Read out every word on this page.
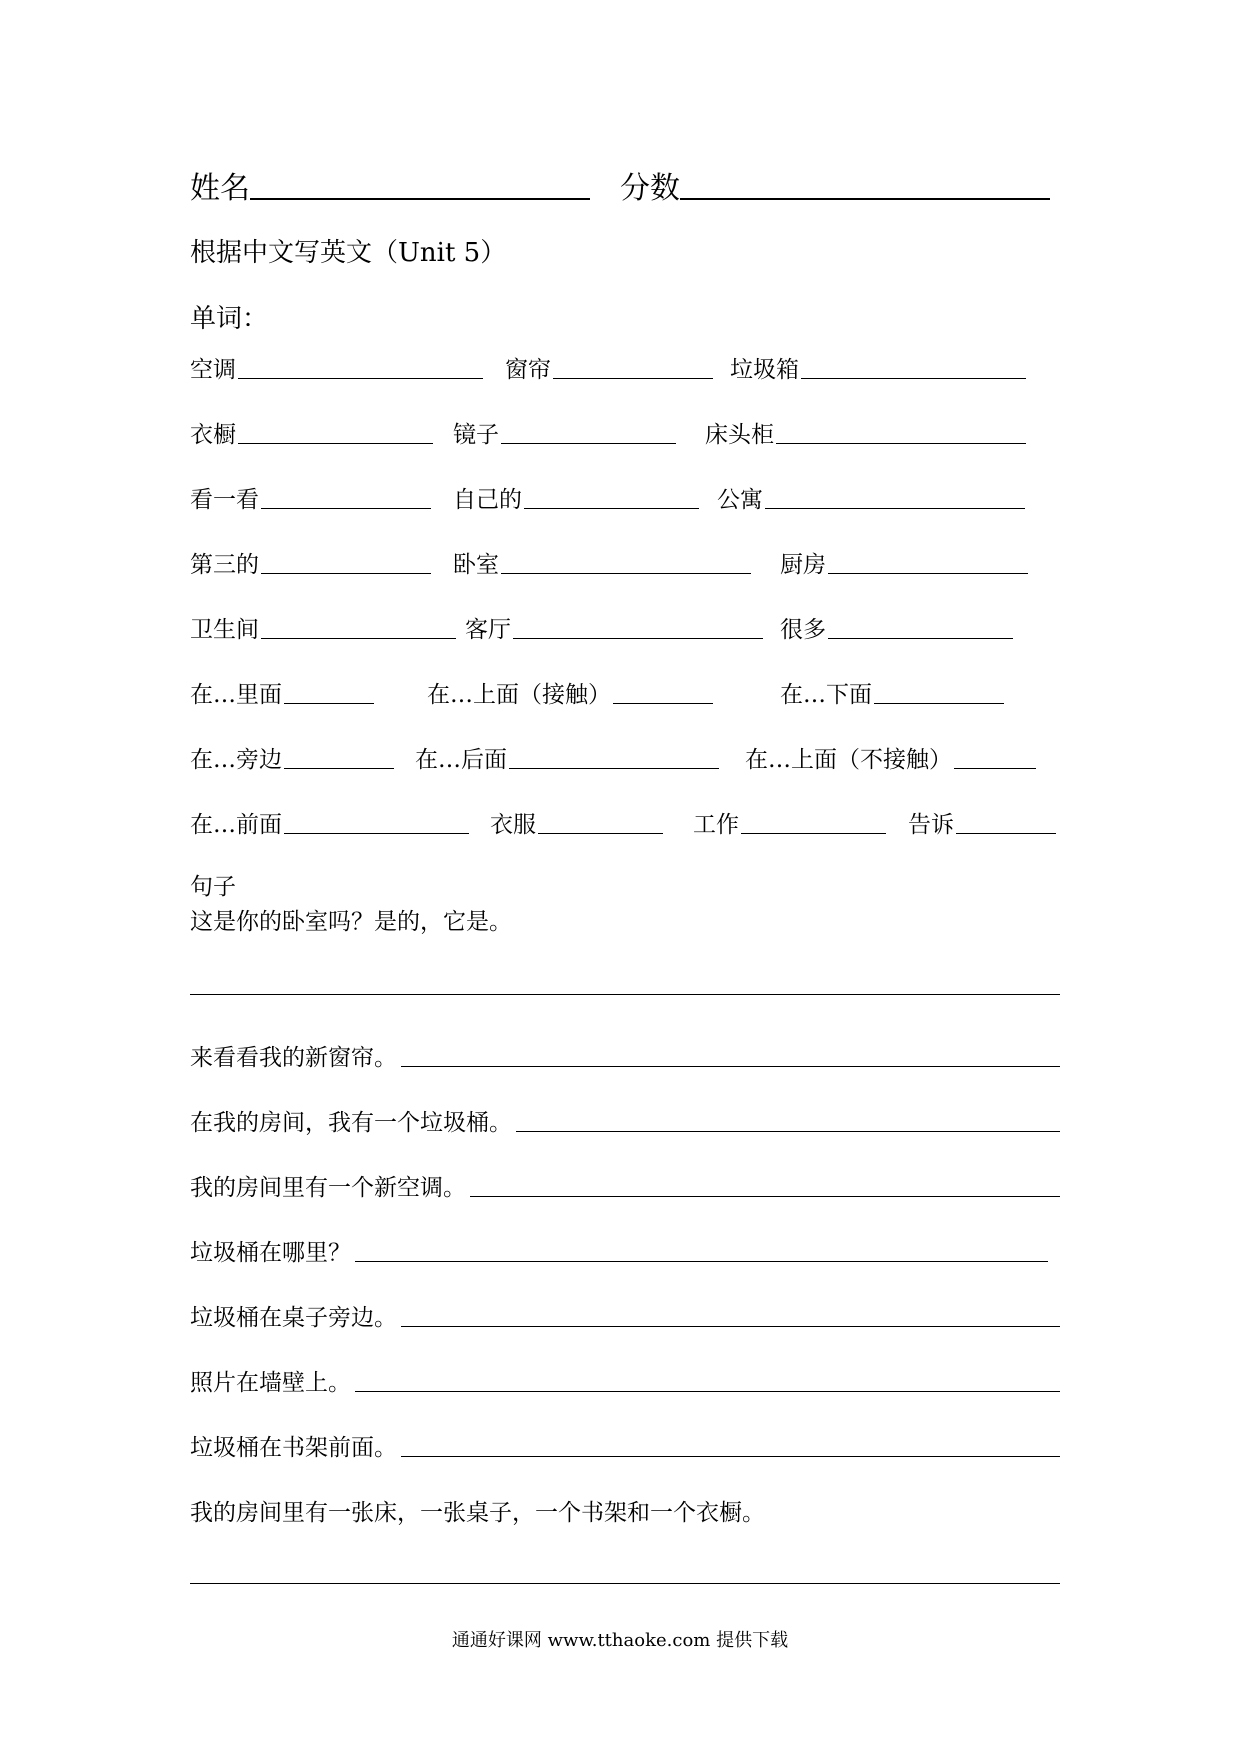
姓名	分数
根据中文写英文（Unit 5）
单词：
空调	窗帘	垃圾箱
衣橱	镜子	床头柜
看一看	自己的	公寓
第三的	卧室	厨房
卫生间	客厅	很多
在…里面	在…上面（接触）	在…下面
在…旁边	在…后面	在…上面（不接触）
在…前面	衣服	工作	告诉
句子
这是你的卧室吗？是的，它是。
来看看我的新窗帘。
在我的房间，我有一个垃圾桶。
我的房间里有一个新空调。
垃圾桶在哪里？
垃圾桶在桌子旁边。
照片在墙壁上。
垃圾桶在书架前面。
我的房间里有一张床，一张桌子，一个书架和一个衣橱。
通通好课网 www.tthaoke.com 提供下载
